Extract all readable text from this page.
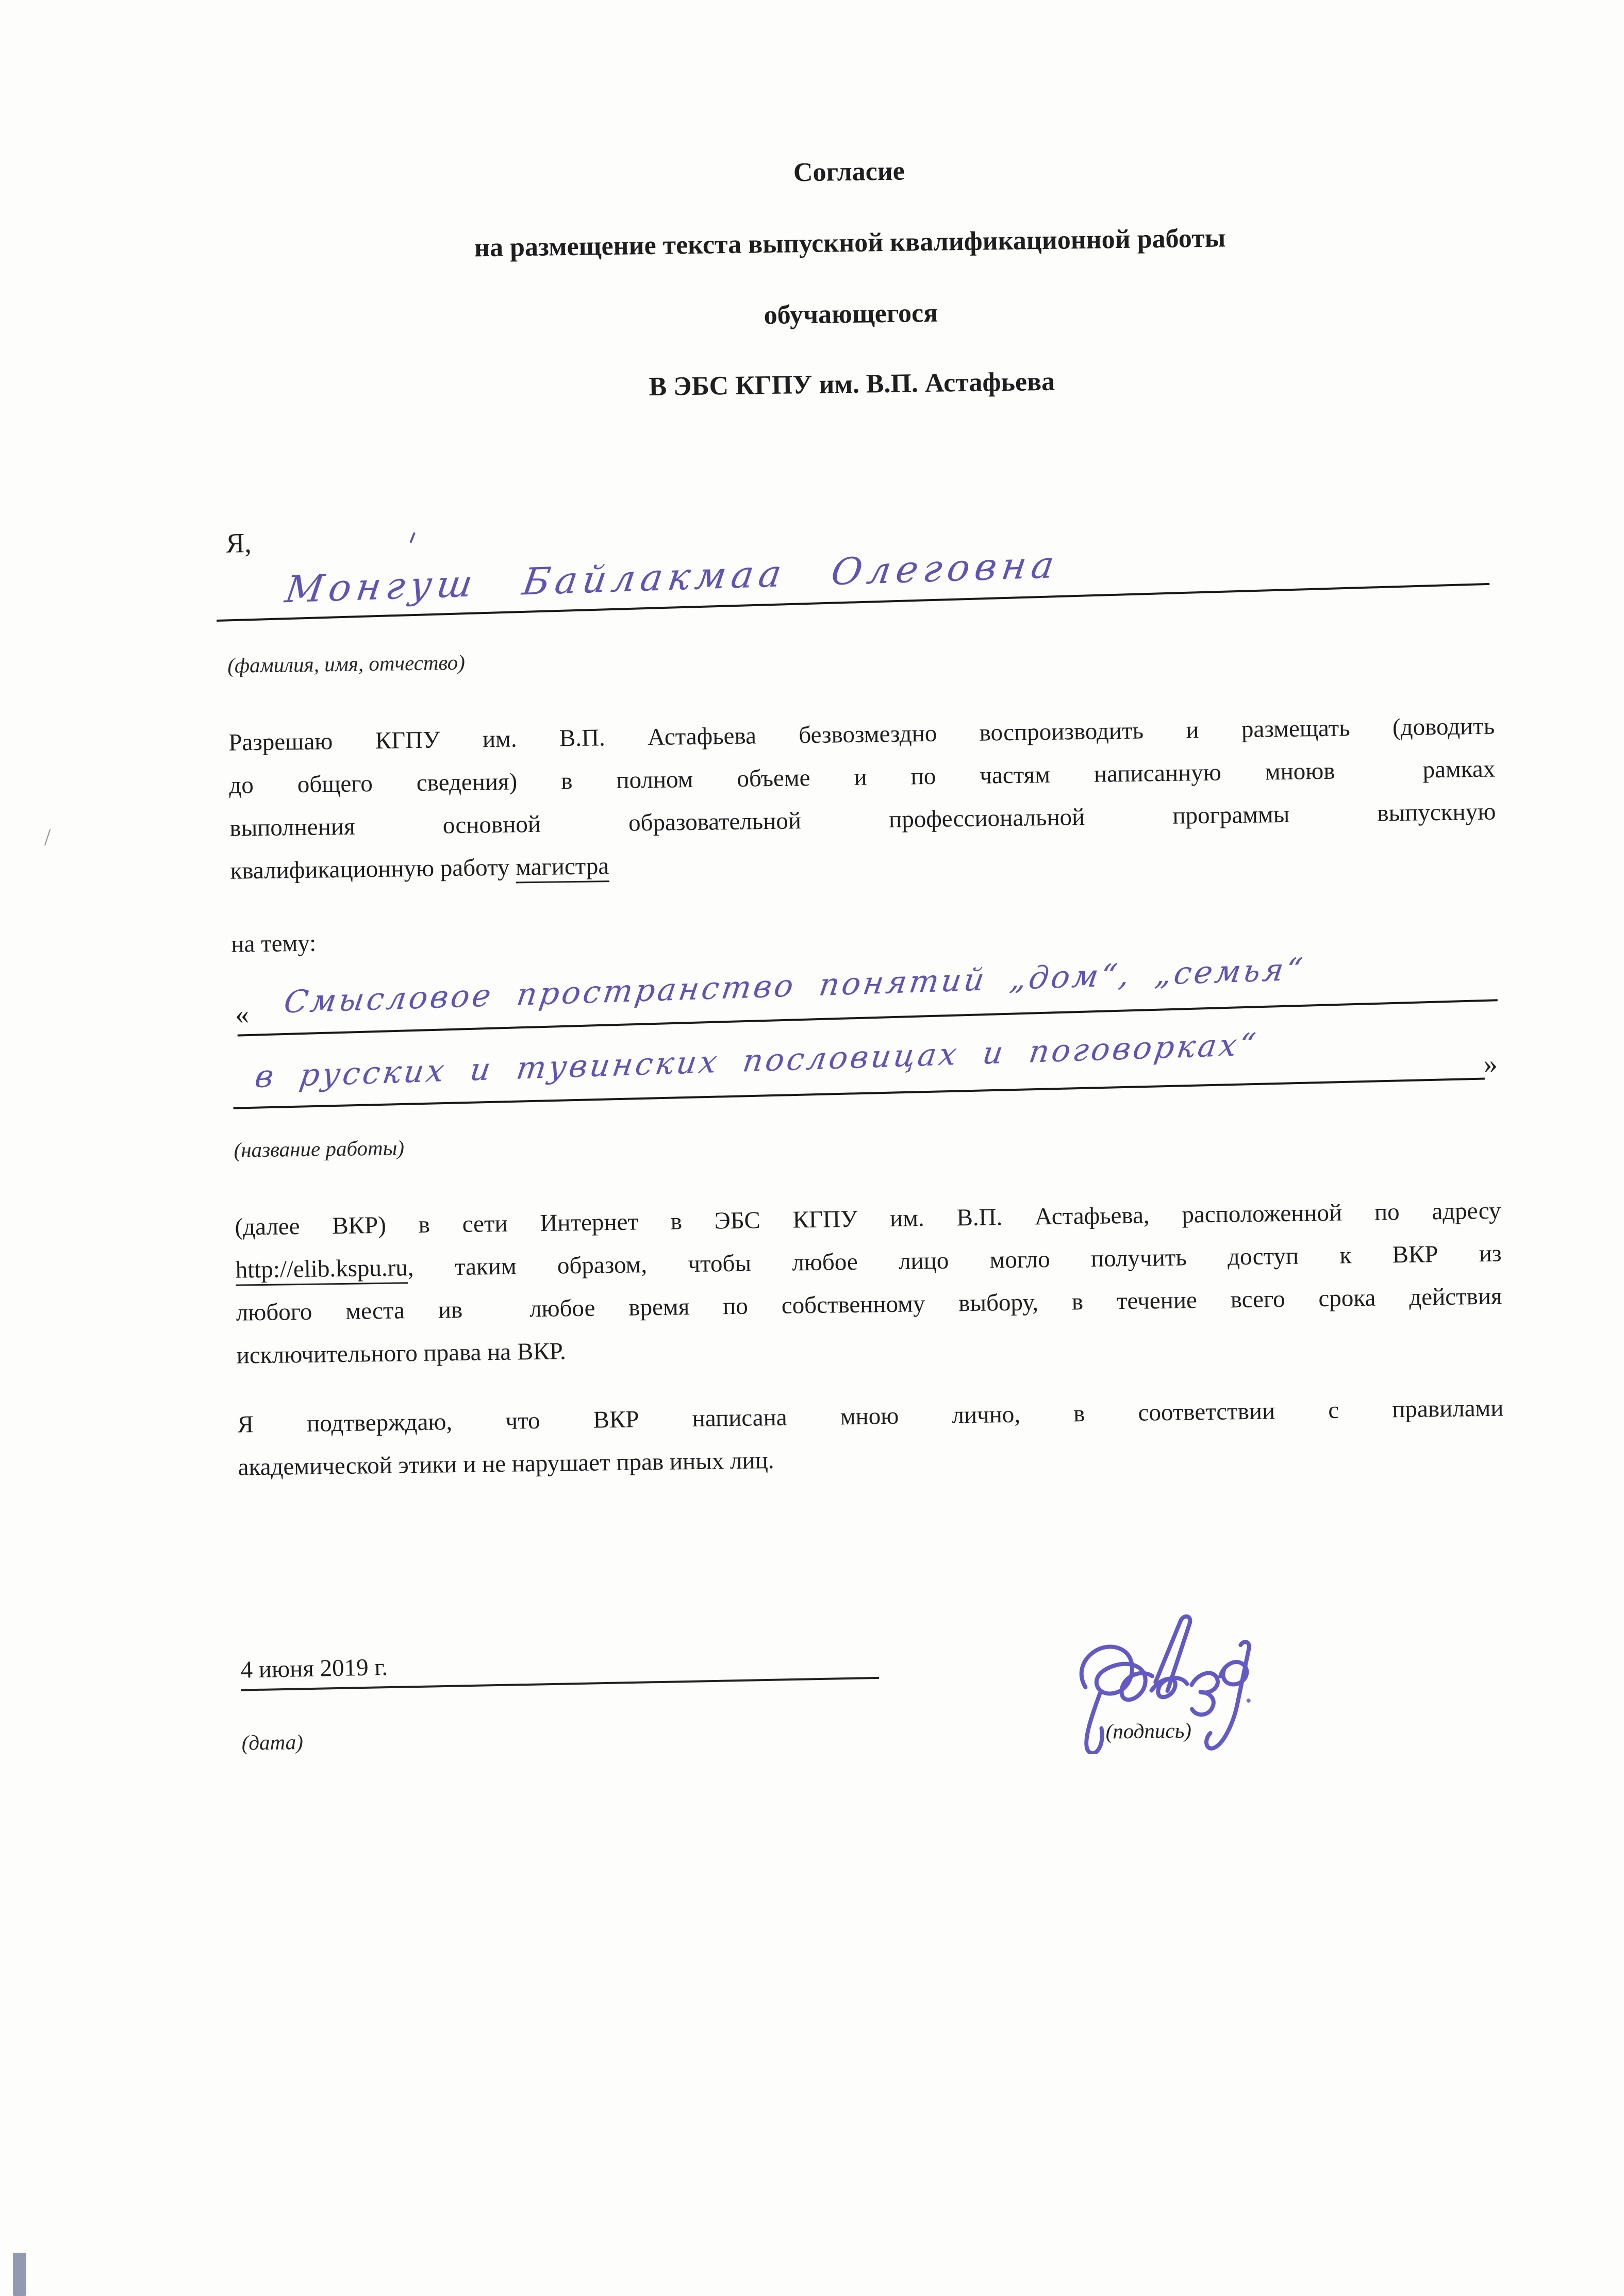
Согласие
на размещение текста выпускной квалификационной работы
обучающегося
В ЭБС КГПУ им. В.П. Астафьева
Я, Монгуш Байлакмаа Олеговна
(фамилия, имя, отчество)
Разрешаю КГПУ им. В.П. Астафьева безвозмездно воспроизводить и размещать (доводить
до общего сведения) в полном объеме и по частям написанную мноюв  рамках
выполнения основной образовательной профессиональной программы выпускную
квалификационную работу магистра
/
на тему:
« Смысловое пространство понятий „дом“, „семья“
в русских и тувинских пословицах и поговорках“	»
(название работы)
(далее ВКР) в сети Интернет в ЭБС КГПУ им. В.П. Астафьева, расположенной по адресу
http://elib.kspu.ru, таким образом, чтобы любое лицо могло получить доступ к ВКР из
любого места ив  любое время по собственному выбору, в течение всего срока действия
исключительного права на ВКР.
Я подтверждаю, что ВКР написана мною лично, в соответствии с правилами
академической этики и не нарушает прав иных лиц.
4 июня 2019 г.
(дата)	(подпись)
